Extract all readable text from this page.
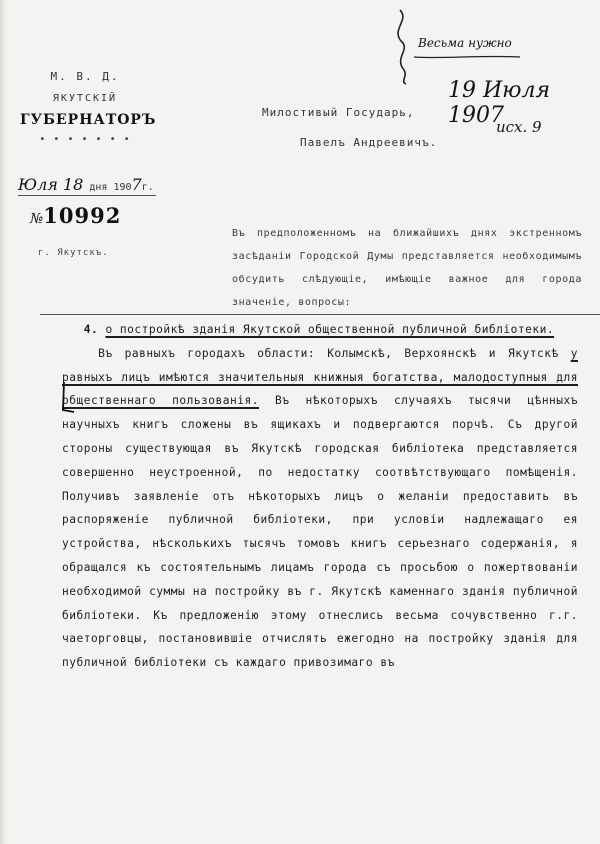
Весьма нужно
19 Июля 1907
исх. 9
М. В. Д.
ЯКУТСКІЙ
ГУБЕРНАТОРЪ
• • • • • • •
Юля 18 дня 1907г.
№10992
г. Якутскъ.
Милостивый Государь,
Павелъ Андреевичъ.
Въ предположенномъ на ближайшихъ днях экстренномъ засѣданіи Городской Думы представляется необходимымъ обсудить слѣдующіе, имѣющіе важное для города значеніе, вопросы:
4. о постройкѣ зданія Якутской общественной публичной библіотеки.
Въ равныхъ городахъ области: Колымскѣ, Верхоянскѣ и Якутскѣ у равныхъ лицъ имѣются значительныя книжныя богатства, малодоступныя для общественнаго пользованія. Въ нѣкоторыхъ случаяхъ тысячи цѣнныхъ научныхъ книгъ сложены въ ящикахъ и подвергаются порчѣ. Съ другой стороны существующая въ Якутскѣ городская библіотека представляется совершенно неустроенной, по недостатку соотвѣтствующаго помѣщенія. Получивъ заявленіе отъ нѣкоторыхъ лицъ о желаніи предоставить въ распоряженіе публичной библіотеки, при условіи надлежащаго ея устройства, нѣсколькихъ тысячъ томовъ книгъ серьезнаго содержанія, я обращался къ состоятельнымъ лицамъ города съ просьбою о пожертвованіи необходимой суммы на постройку въ г. Якутскѣ каменнаго зданія публичной библіотеки. Къ предложенію этому отнеслись весьма сочувственно г.г. чаеторговцы, постановившіе отчислять ежегодно на постройку зданія для публичной библіотеки съ каждаго привозимаго въ
